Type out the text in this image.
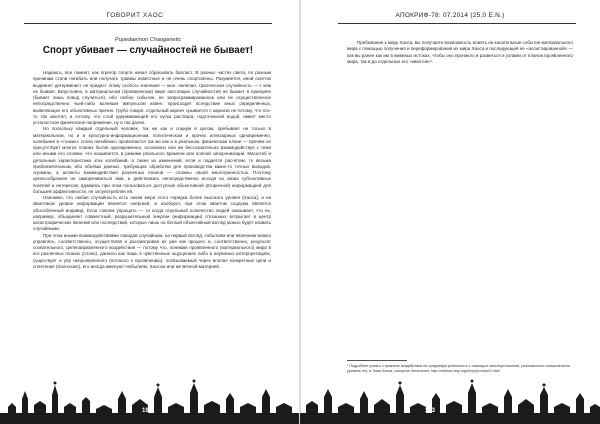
ГОВОРИТ ХАОС
Pupedaemon Chaogenetic
Спорт убивает — случайностей не бывает!

Надеюсь, все помнят, как пгрегор спорта начал сбрасывать балласт. В разных частях света, по разным причинам стали погибать или получать травмы известные и не очень спортсмены. Разумеется, иной скептик выдвинет детерминист не придаст этому особого значения — мол, нелепая, трагическая случайность — с кем не бывает. Безусловно, в материальном (проявленном) мире настоящих случайностей не бывает в принципе (бывает лишь повод случиться), ибо любое событие, не запрограммированное или не осуществленное непосредственно чьей-либо волевым импульсом извне, происходит вследствие иных определённых, выявляющих его объективных причин. Грубо говоря, отдельный кирпич срывается с карниза не потому, что кто-то так захотел, а потому, что слой удерживающей его куска раствора, подточенной водой, имеет место усталостное физическое напряжение, ну и так далее.

Но поскольку каждый отдельный человек, так же как и социум в целом, пребывает не только в материальном, но и в культурно-информационном, политическом и прочих иллюзорных одновременно, колебания в «тонких» слоях неизбежно проявляются так же как и в реальном, физическом плане — причём он присутствует многих планах бытия одновременно, осознанно или же бессознательно взаимодействуя с теми или иными его слоями, что называется, в режиме реального времени или полной синхронизации. Масштаб и детальные характеристики этих колебаний, а также их изменений, если и подается расчётам, то весьма приблизительным, ибо объёмы данных, требующих обработки для производства каких-то точных выводов, огромны, а аспекты взаимодействия различных планов — сложны своей многогранностью. Поэтому целесообразнее не заморачиваться ими, а действовать непосредственно исходя из своих субъективных понятий и интересов, вдаваясь при этом пользоваться доступной объективной (вторичной) информацией для большей эффективности, не злоупотребляя ей.

Напомню, что любая случайность есть некая мера этого порядка более высокого уровня (Хаоса), а на квантовом уровне информации является энергией, и наоборот, при этом квантом социума является обособленный индивид. Если совсем упрощать — то когда отдельный количество людей оказывает, что их, например, объединяет совместный, разрушительный энергии (информации) сплошных вспрыгает в центр катастрофических явлений или последствий, которые лишь на беглый объективный взгляд можно будет назвать случайными.

При этом иными взаимодействиями поводов случайным, на первый взгляд, событиям или явлениям можно управлять, соответственно, осуществляя и рассматривая их уже как процесс и, соответственно, результат сознательного, целенаправленного воздействия — потому что, понимая проявленного (материального) мира в его различных планах (слоях), данного как лишь в чувственных ощущениях либо в неуемных интерпретациях, существует и упр непроявленного (потокого к проявлению), освязываемый через вполне конкретные цели и сплетения (Хаогнозис), его иногда именуют Небытием, Хаосом или же Вечной материей.

192
АПОКРИФ-78: 07.2014 (25,0 E.N.)

Пребывание к миру Хаоса, вы получаете возможность влиять на касательные события материального мира с помощью получения и переформирования их мира Хаоса и последующей ее «ассистированной» — как вы ранее как им в живевых истоках, чтобы оно проникло и развиться и узлами от планов проявленного мира, так и до отдельных его «квантов»¹.

¹ Подробнее узнать о практике воздействия на средневую реальность с помощью хаосопустошения, резонансного осмысленного уровень его, в Тома Хаоса, смотрите бесплатно: http://onlinsw-dsp.org/shop/product/2.html
193
